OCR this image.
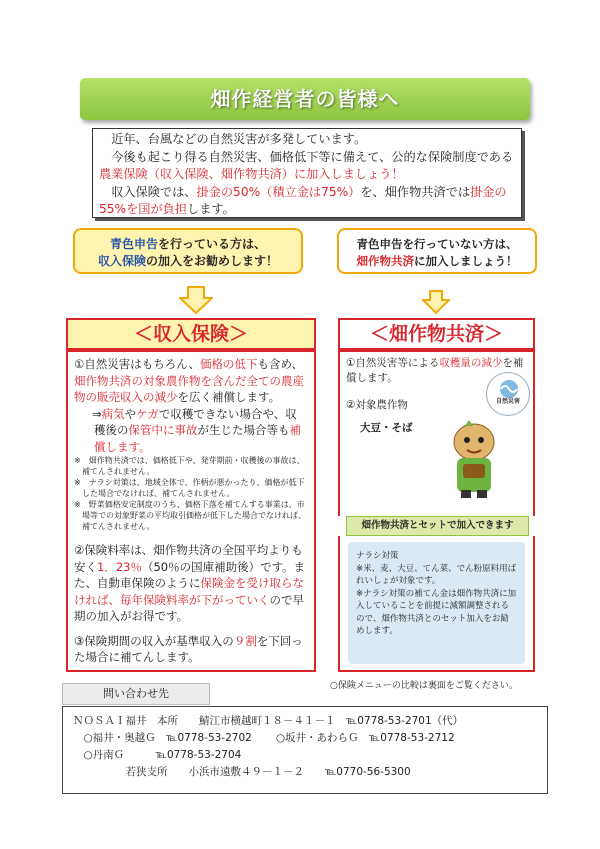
畑作経営者の皆様へ

　近年、台風などの自然災害が多発しています。

　今後も起こり得る自然災害、価格低下等に備えて、公的な保険制度である農業保険（収入保険、畑作物共済）に加入しましょう！

　収入保険では、掛金の50%（積立金は75%）を、畑作物共済では掛金の55%を国が負担します。

青色申告を行っている方は、
収入保険の加入をお勧めします！
青色申告を行っていない方は、
畑作物共済に加入しましょう！
＜収入保険＞

①自然災害はもちろん、価格の低下も含め、畑作物共済の対象農作物を含んだ全ての農産物の販売収入の減少を広く補償します。

⇒病気やケガで収穫できない場合や、収穫後の保管中に事故が生じた場合等も補償します。

※　畑作物共済では、価格低下や、発芽期前・収穫後の事故は、補てんされません。

※　ナラシ対策は、地域全体で、作柄が悪かったり、価格が低下した場合でなければ、補てんされません。

※　野菜価格安定制度のうち、価格下落を補てんする事業は、市場等での対象野菜の平均取引価格が低下した場合でなければ、補てんされません。

②保険料率は、畑作物共済の全国平均よりも安く1．23％（50％の国庫補助後）です。また、自動車保険のように保険金を受け取らなければ、毎年保険料率が下がっていくので早期の加入がお得です。

③保険期間の収入が基準収入の９割を下回った場合に補てんします。

＜畑作物共済＞

①自然災害等による収穫量の減少を補償します。

②対象農作物

大豆・そば

自然災害
畑作物共済とセットで加入できます

ナラシ対策

※米、麦、大豆、てん菜、でん粉原料用ばれいしょが対象です。

※ナラシ対策の補てん金は畑作物共済に加入していることを前提に減額調整されるので、畑作物共済とのセット加入をお勧めします。

○保険メニューの比較は裏面をご覧ください。
問い合わせ先
ＮＯＳＡＩ福井　本所　　鯖江市横越町１８－４１－１　℡0778-53-2701（代）
　○福井・奥越Ｇ　℡0778-53-2702 ○坂井・あわらＧ　℡0778-53-2712
　○丹南Ｇ　　　℡0778-53-2704
　　　　　若狭支所　　小浜市遠敷４９－１－２　　℡0770-56-5300
